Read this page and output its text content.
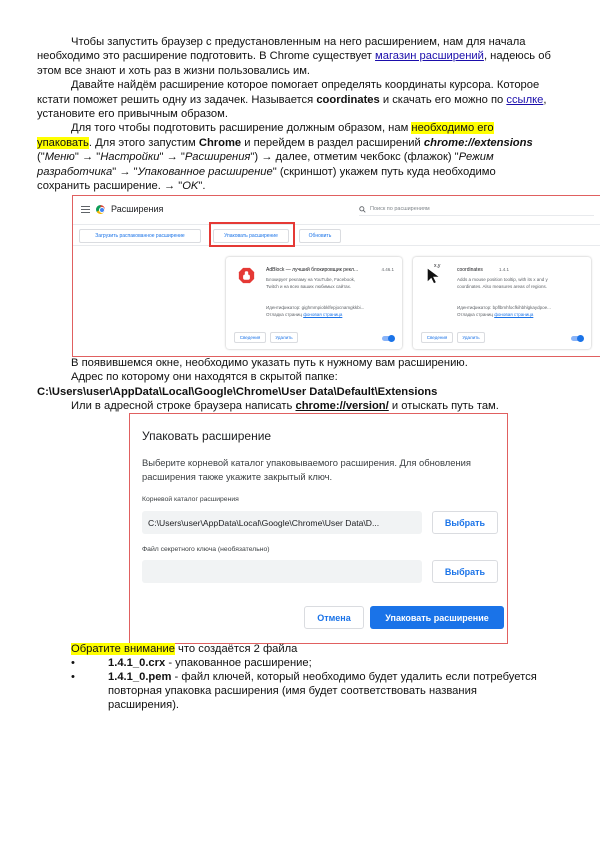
Чтобы запустить браузер с предустановленным на него расширением, нам для начала необходимо это расширение подготовить. В Chrome существует магазин расширений, надеюсь об этом все знают и хоть раз в жизни пользовались им.

Давайте найдём расширение которое помогает определять координаты курсора. Которое кстати поможет решить одну из задачек. Называется coordinates и скачать его можно по ссылке, установите его привычным образом.

Для того чтобы подготовить расширение должным образом, нам необходимо его упаковать. Для этого запустим Chrome и перейдем в раздел расширений chrome://extensions ("Меню" → "Настройки" → "Расширения") → далее, отметим чекбокс (флажок) "Режим разработчика" → "Упакованное расширение" (скриншот) укажем путь куда необходимо сохранить расширение. → "OK".

Расширения	Поиск по расширениям
Загрузить распакованное расширение	Упаковать расширение	Обновить
AdBlock — лучший блокировщик рекл...	4.46.1
Блокирует рекламу на YouTube, Facebook, Twitch и на всех ваших любимых сайтах.
Идентификатор: gighmmpiobklfepjocnamgkkbi...
Отладка страниц фоновая страница
Сведения	Удалить
x,y
coordinates	1.4.1
Adds a mouse position tooltip, with its x and y coordinates. Also measures areas of regions.
Идентификатор: bpflbmhfocfkihbhlgkaydpoe...
Отладка страниц фоновая страница
Сведения	Удалить

В появившемся окне, необходимо указать путь к нужному вам расширению.

Адрес по которому они находятся в скрытой папке: C:\Users\user\AppData\Local\Google\Chrome\User Data\Default\Extensions

Или в адресной строке браузера написать chrome://version/ и отыскать путь там.

Упаковать расширение
Выберите корневой каталог упаковываемого расширения. Для обновления расширения также укажите закрытый ключ.
Корневой каталог расширения
C:\Users\user\AppData\Local\Google\Chrome\User Data\D...	Выбрать
Файл секретного ключа (необязательно)
Выбрать
Отмена	Упаковать расширение

Обратите внимание что создаётся 2 файла

•	1.4.1_0.crx - упакованное расширение;

•	1.4.1_0.pem - файл ключей, который необходимо будет удалить если потребуется повторная упаковка расширения (имя будет соответствовать названия расширения).
